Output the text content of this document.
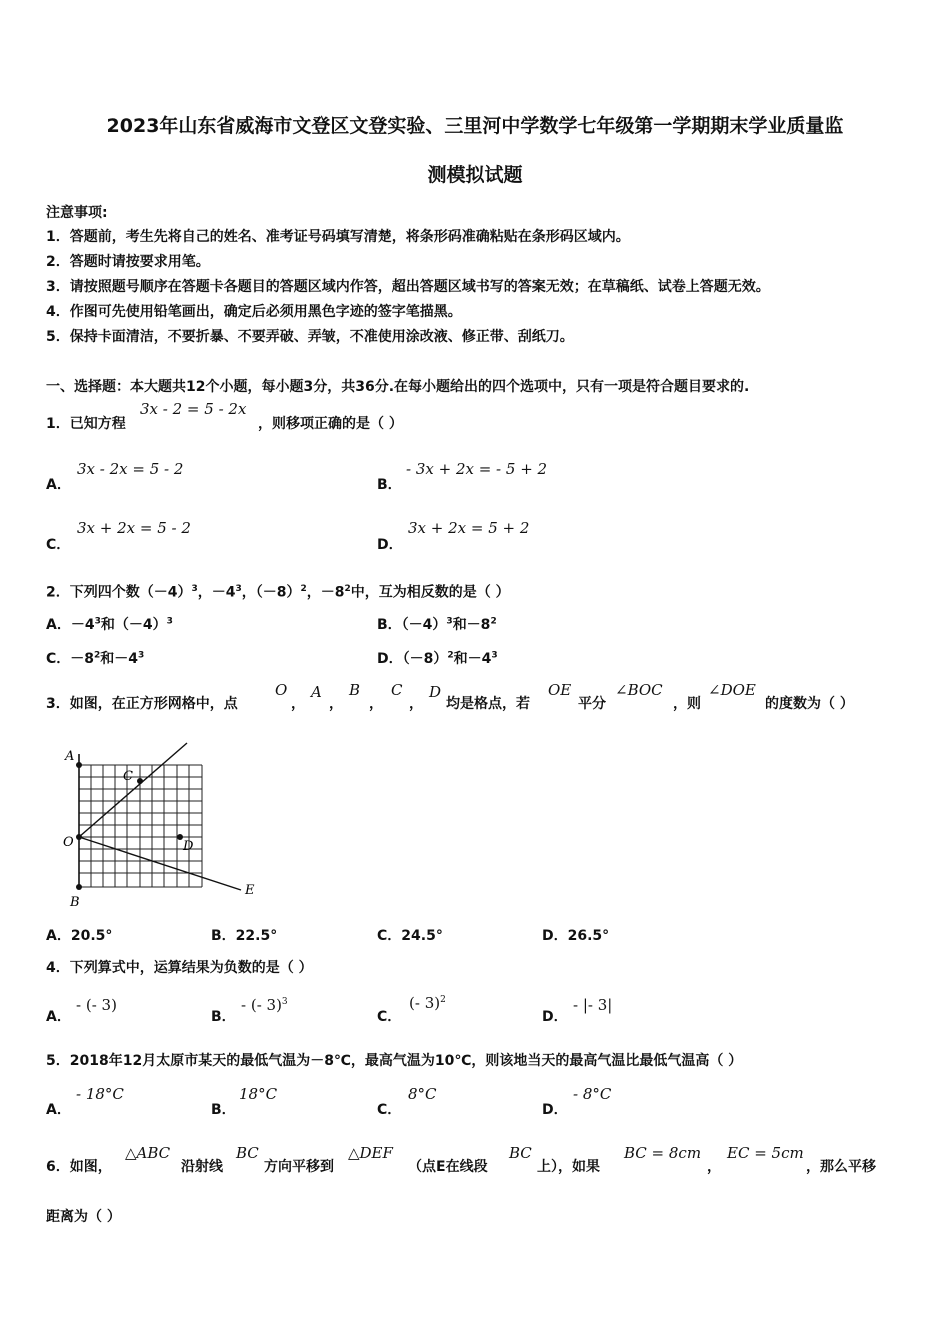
2023年山东省威海市文登区文登实验、三里河中学数学七年级第一学期期末学业质量监
测模拟试题
注意事项:
1．答题前，考生先将自己的姓名、准考证号码填写清楚，将条形码准确粘贴在条形码区域内。
2．答题时请按要求用笔。
3．请按照题号顺序在答题卡各题目的答题区域内作答，超出答题区域书写的答案无效；在草稿纸、试卷上答题无效。
4．作图可先使用铅笔画出，确定后必须用黑色字迹的签字笔描黑。
5．保持卡面清洁，不要折暴、不要弄破、弄皱，不准使用涂改液、修正带、刮纸刀。
一、选择题：本大题共12个小题，每小题3分，共36分.在每小题给出的四个选项中，只有一项是符合题目要求的.
1．已知方程
3x - 2 = 5 - 2x
，则移项正确的是（ ）
A．
3x - 2x = 5 - 2
B．
- 3x + 2x = - 5 + 2
C．
3x + 2x = 5 - 2
D．
3x + 2x = 5 + 2
2．下列四个数$(-4)^3$，$-4^3$，$(-8)^2$，$-8^2$中，互为相反数的是（ ）
A．$-4^3$和$(-4)^3$	B．$(-4)^3$和$-8^2$
C．$-8^2$和$-4^3$	D．$(-8)^2$和$-4^3$
3．如图，在正方形网格中，点
O
，
A
，
B
，
C
，
D
均是格点，若
OE
平分
∠BOC
，则
∠DOE
的度数为（ ）
A
C
O	D
B
E
A．20.5°	B．22.5°	C．24.5°	D．26.5°
4．下列算式中，运算结果为负数的是（ ）
A．
- (- 3)
B．
- (- 3)$^3$
C．
(- 3)$^2$
D．
- |- 3|
5．2018年12月太原市某天的最低气温为－8℃，最高气温为10℃，则该地当天的最高气温比最低气温高（ ）
A．
- 18°C
B．
18°C
C．
8°C
D．
- 8°C
6．如图，
△ABC
沿射线
BC
方向平移到
△DEF
（点E在线段
BC
上），如果
BC = 8cm
，
EC = 5cm
，那么平移
距离为（ ）
